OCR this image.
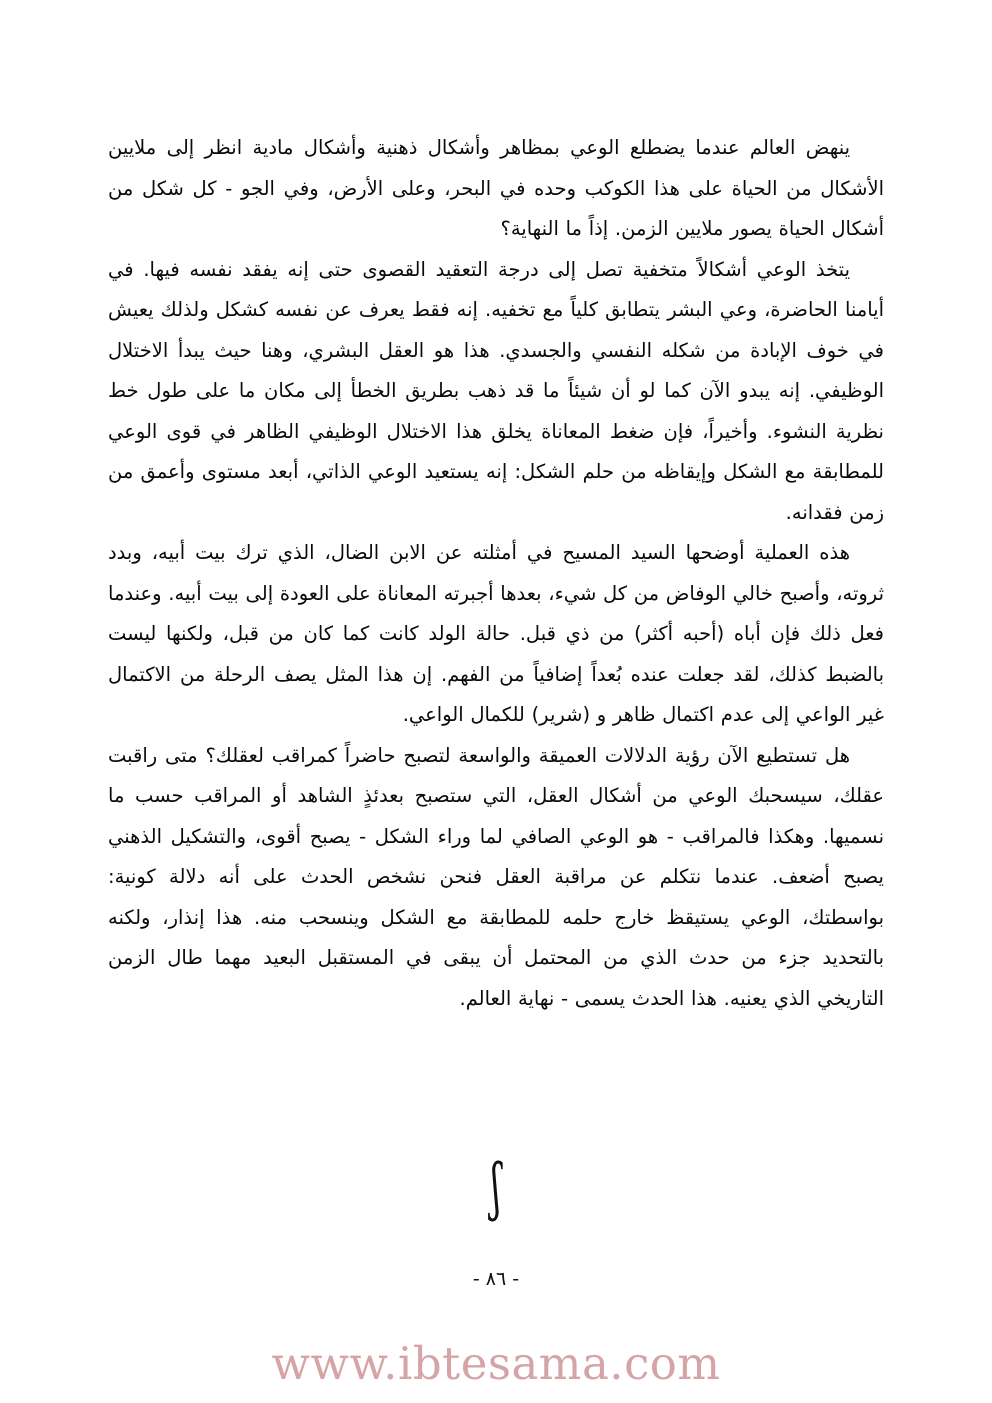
ينهض العالم عندما يضطلع الوعي بمظاهر وأشكال ذهنية وأشكال مادية انظر إلى ملايين الأشكال من الحياة على هذا الكوكب وحده في البحر، وعلى الأرض، وفي الجو - كل شكل من أشكال الحياة يصور ملايين الزمن. إذاً ما النهاية؟

يتخذ الوعي أشكالاً متخفية تصل إلى درجة التعقيد القصوى حتى إنه يفقد نفسه فيها. في أيامنا الحاضرة، وعي البشر يتطابق كلياً مع تخفيه. إنه فقط يعرف عن نفسه كشكل ولذلك يعيش في خوف الإبادة من شكله النفسي والجسدي. هذا هو العقل البشري، وهنا حيث يبدأ الاختلال الوظيفي. إنه يبدو الآن كما لو أن شيئاً ما قد ذهب بطريق الخطأ إلى مكان ما على طول خط نظرية النشوء. وأخيراً، فإن ضغط المعاناة يخلق هذا الاختلال الوظيفي الظاهر في قوى الوعي للمطابقة مع الشكل وإيقاظه من حلم الشكل: إنه يستعيد الوعي الذاتي، أبعد مستوى وأعمق من زمن فقدانه.

هذه العملية أوضحها السيد المسيح في أمثلته عن الابن الضال، الذي ترك بيت أبيه، وبدد ثروته، وأصبح خالي الوفاض من كل شيء، بعدها أجبرته المعاناة على العودة إلى بيت أبيه. وعندما فعل ذلك فإن أباه (أحبه أكثر) من ذي قبل. حالة الولد كانت كما كان من قبل، ولكنها ليست بالضبط كذلك، لقد جعلت عنده بُعداً إضافياً من الفهم. إن هذا المثل يصف الرحلة من الاكتمال غير الواعي إلى عدم اكتمال ظاهر و (شرير) للكمال الواعي.

هل تستطيع الآن رؤية الدلالات العميقة والواسعة لتصبح حاضراً كمراقب لعقلك؟ متى راقبت عقلك، سيسحبك الوعي من أشكال العقل، التي ستصبح بعدئذٍ الشاهد أو المراقب حسب ما نسميها. وهكذا فالمراقب - هو الوعي الصافي لما وراء الشكل - يصبح أقوى، والتشكيل الذهني يصبح أضعف. عندما نتكلم عن مراقبة العقل فنحن نشخص الحدث على أنه دلالة كونية: بواسطتك، الوعي يستيقظ خارج حلمه للمطابقة مع الشكل وينسحب منه. هذا إنذار، ولكنه بالتحديد جزء من حدث الذي من المحتمل أن يبقى في المستقبل البعيد مهما طال الزمن التاريخي الذي يعنيه. هذا الحدث يسمى - نهاية العالم.

ʃ
- ٨٦ -
www.ibtesama.com
